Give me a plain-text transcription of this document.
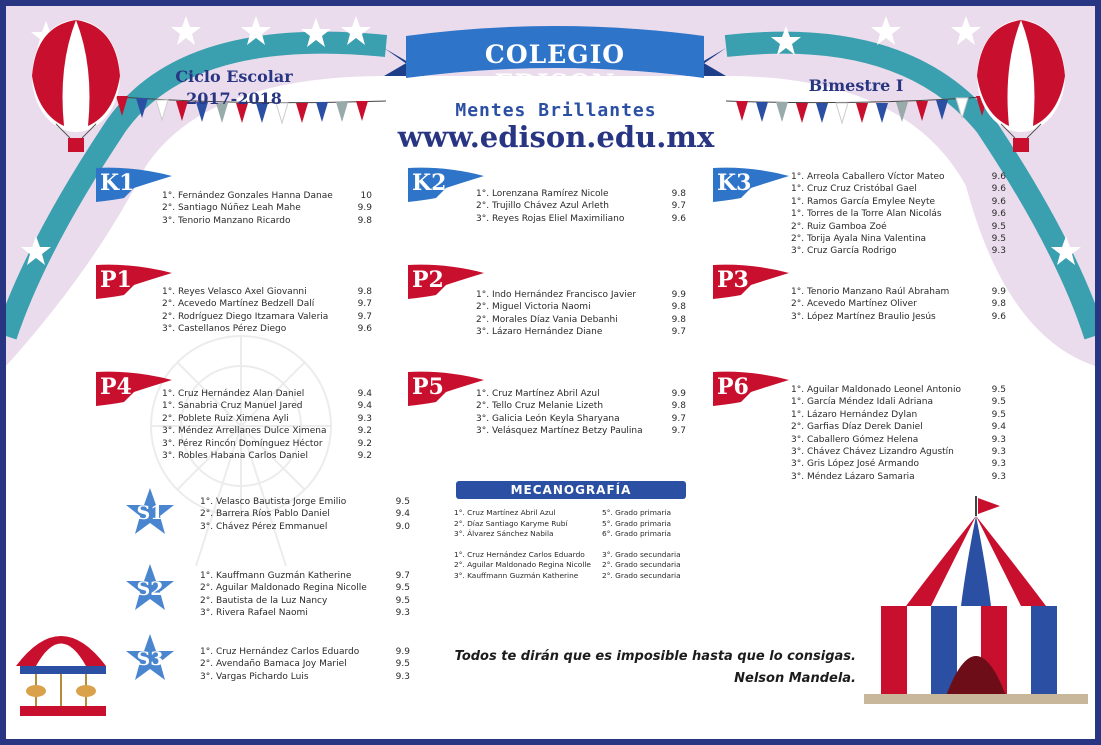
COLEGIO EDISON
Mentes Brillantes
www.edison.edu.mx
Ciclo Escolar
2017-2018
Bimestre I
K1	1°. Fernández Gonzales Hanna Danae	10
2°. Santiago Núñez Leah Mahe	9.9
3°. Tenorio Manzano Ricardo	9.8
K2	1°. Lorenzana Ramírez Nicole	9.8
2°. Trujillo Chávez Azul Arleth	9.7
3°. Reyes Rojas Eliel Maximiliano	9.6
K3	1°. Arreola Caballero Víctor Mateo	9.6
1°. Cruz Cruz Cristóbal Gael	9.6
1°. Ramos García Emylee Neyte	9.6
1°. Torres de la Torre Alan Nicolás	9.6
2°. Ruiz Gamboa Zoé	9.5
2°. Torija Ayala Nina Valentina	9.5
3°. Cruz García Rodrigo	9.3
P1	1°. Reyes Velasco Axel Giovanni	9.8
2°. Acevedo Martínez Bedzell Dalí	9.7
2°. Rodríguez Diego Itzamara Valeria	9.7
3°. Castellanos Pérez Diego	9.6
P2
1°. Indo Hernández Francisco Javier	9.9
2°. Miguel Victoria Naomi	9.8
2°. Morales Díaz Vania Debanhi	9.8
3°. Lázaro Hernández Diane	9.7
P3	1°. Tenorio Manzano Raúl Abraham	9.9
2°. Acevedo Martínez Oliver	9.8
3°. López Martínez Braulio Jesús	9.6
P4	1°. Cruz Hernández Alan Daniel	9.4
1°. Sanabria Cruz Manuel Jared	9.4
2°. Poblete Ruiz Ximena Ayli	9.3
3°. Méndez Arrellanes Dulce Ximena	9.2
3°. Pérez Rincón Domínguez Héctor	9.2
3°. Robles Habana Carlos Daniel	9.2
P5	1°. Cruz Martínez Abril Azul	9.9
2°. Tello Cruz Melanie Lizeth	9.8
3°. Galicia León Keyla Sharyana	9.7
3°. Velásquez Martínez Betzy Paulina	9.7
P6	1°. Aguilar Maldonado Leonel Antonio	9.5
1°. García Méndez Idali Adriana	9.5
1°. Lázaro Hernández Dylan	9.5
2°. Garfias Díaz Derek Daniel	9.4
3°. Caballero Gómez Helena	9.3
3°. Chávez Chávez Lizandro Agustín	9.3
3°. Gris López José Armando	9.3
3°. Méndez Lázaro Samaria	9.3
S1	1°. Velasco Bautista Jorge Emilio	9.5
2°. Barrera Ríos Pablo Daniel	9.4
3°. Chávez Pérez Emmanuel	9.0
S2
1°. Kauffmann Guzmán Katherine	9.7
2°. Aguilar Maldonado Regina Nicolle	9.5
2°. Bautista de la Luz Nancy	9.5
3°. Rivera Rafael Naomi	9.3
S3	1°. Cruz Hernández Carlos Eduardo	9.9
2°. Avendaño Bamaca Joy Mariel	9.5
3°. Vargas Pichardo Luis	9.3
MECANOGRAFÍA
1°. Cruz Martínez Abril Azul	5°. Grado primaria
2°. Díaz Santiago Karyme Rubí	5°. Grado primaria
3°. Álvarez Sánchez Nabila	6°. Grado primaria
1°. Cruz Hernández Carlos Eduardo 3°. Grado secundaria
2°. Aguilar Maldonado Regina Nicolle 2°. Grado secundaria
3°. Kauffmann Guzmán Katherine	2°. Grado secundaria
Todos te dirán que es imposible hasta que lo consigas.
Nelson Mandela.
